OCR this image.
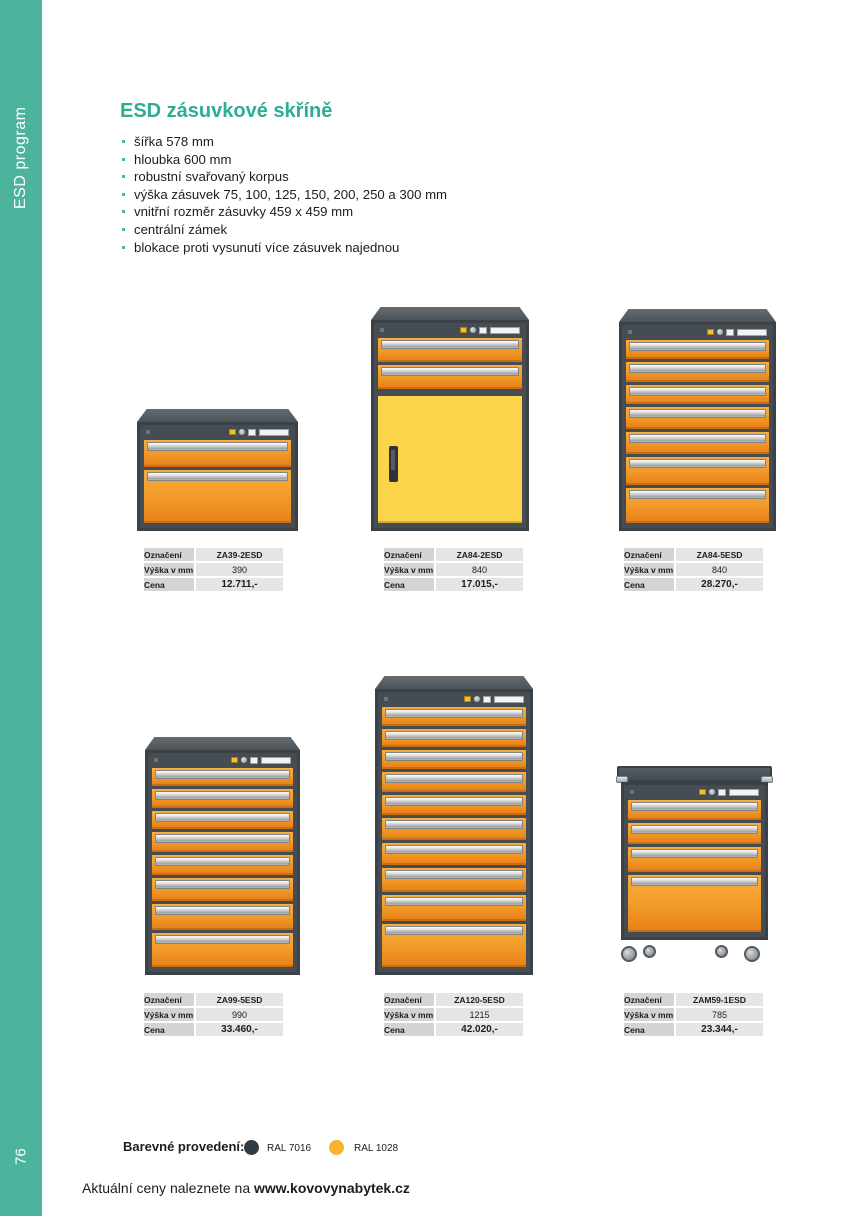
ESD program
76
ESD zásuvkové skříně
šířka 578 mm
hloubka 600 mm
robustní svařovaný korpus
výška zásuvek 75, 100, 125, 150, 200, 250 a 300 mm
vnitřní rozměr zásuvky 459 x 459 mm
centrální zámek
blokace proti vysunutí více zásuvek najednou
Označení	ZA39-2ESD
Výška v mm	390
Cena	12.711,-
Označení	ZA84-2ESD
Výška v mm	840
Cena	17.015,-
Označení	ZA84-5ESD
Výška v mm	840
Cena	28.270,-
Označení	ZA99-5ESD
Výška v mm	990
Cena	33.460,-
Označení	ZA120-5ESD
Výška v mm	1215
Cena	42.020,-
Označení	ZAM59-1ESD
Výška v mm	785
Cena	23.344,-
Barevné provedení: RAL 7016	RAL 1028
Aktuální ceny naleznete na www.kovovynabytek.cz
